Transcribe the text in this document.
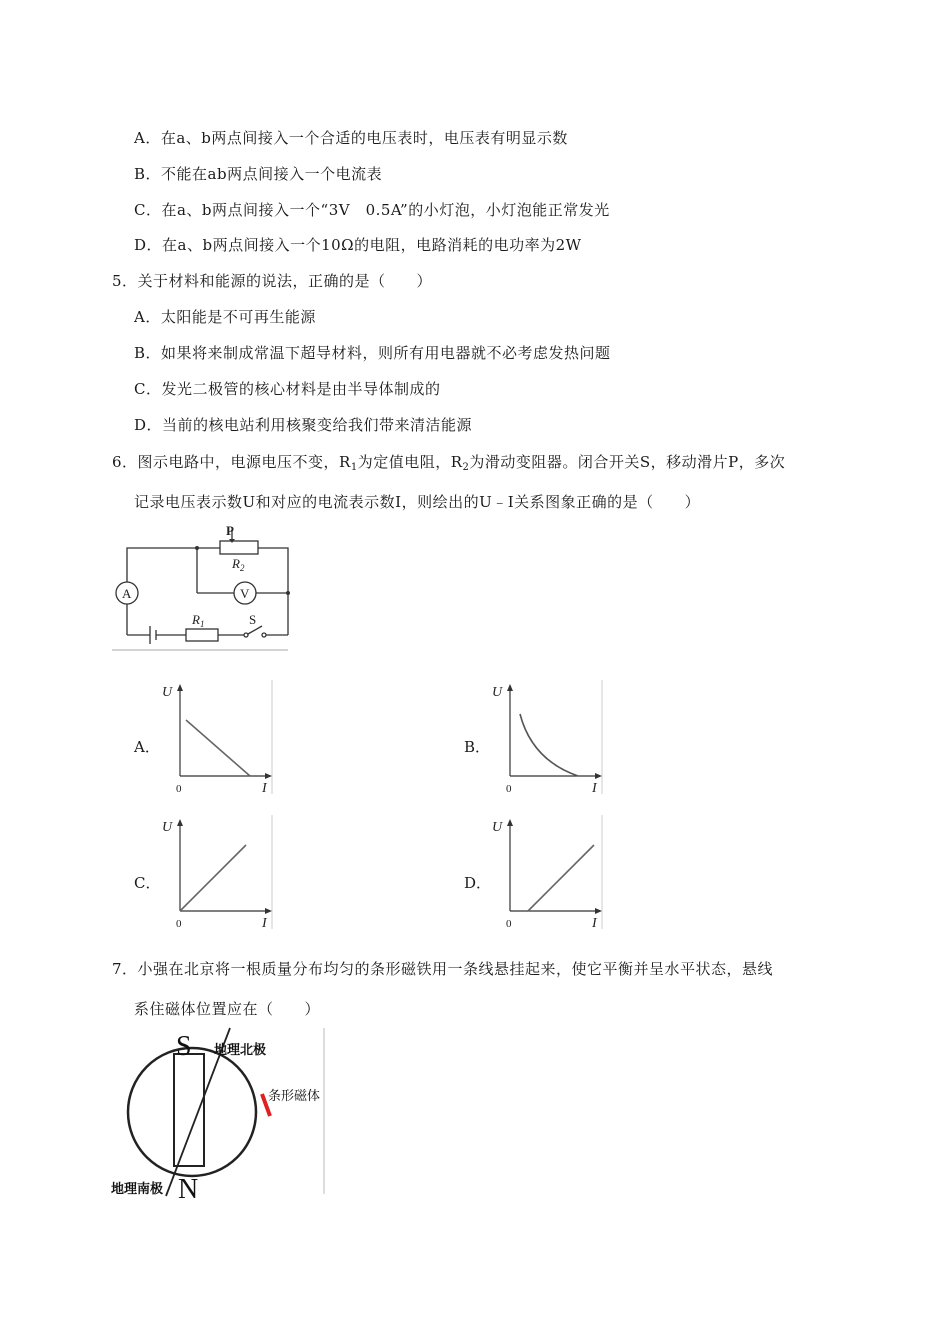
A．在a、b两点间接入一个合适的电压表时，电压表有明显示数
B．不能在ab两点间接入一个电流表
C．在a、b两点间接入一个“3V　0.5A”的小灯泡，小灯泡能正常发光
D．在a、b两点间接入一个10Ω的电阻，电路消耗的电功率为2W
5．关于材料和能源的说法，正确的是（　　）
A．太阳能是不可再生能源
B．如果将来制成常温下超导材料，则所有用电器就不必考虑发热问题
C．发光二极管的核心材料是由半导体制成的
D．当前的核电站利用核聚变给我们带来清洁能源
6．图示电路中，电源电压不变，$R_1$为定值电阻，$R_2$为滑动变阻器。闭合开关S，移动滑片P，多次
记录电压表示数U和对应的电流表示数I，则绘出的U﹣I关系图象正确的是（　　）
P
$R_2$
A	V
$R_1$	S
A．	B．
C．	D．
U
I
0
U
I
0
U
I
0
U
I
0
7．小强在北京将一根质量分布均匀的条形磁铁用一条线悬挂起来，使它平衡并呈水平状态，悬线
系住磁体位置应在（　　）
S
N
地理北极
地理南极
条形磁体
